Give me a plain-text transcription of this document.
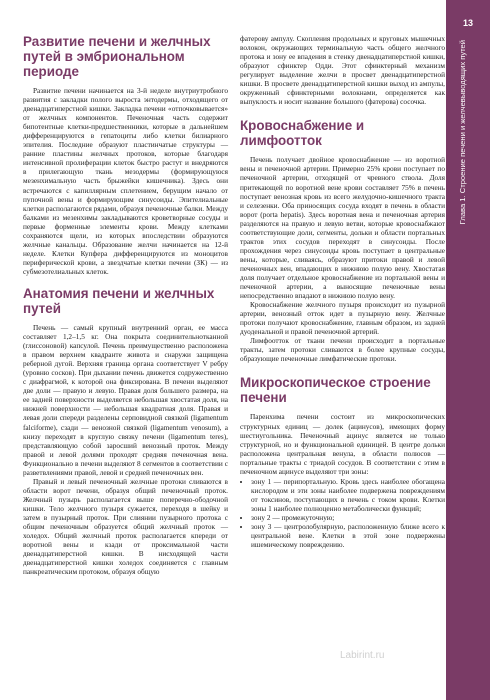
Развитие печени и желчных путей в эмбриональном периоде

Развитие печени начинается на 3-й неделе внутриутробного развития с закладки полого выроста энтодермы, отходящего от двенадцатиперстной кишки. Закладка печени «отпочковывается» от желчных компонентов. Печеночная часть содержит бипотентные клетки-предшественники, которые в дальнейшем дифференцируются в гепатоциты либо клетки билиарного эпителия. Последние образуют пластинчатые структуры — ранние пластины желчных протоков, которые благодаря интенсивной пролиферации клеток быстро растут и внедряются в прилегающую ткань мезодермы (формирующуюся мезенхимальную часть брыжейки кишечника). Здесь они встречаются с капиллярным сплетением, берущим начало от пупочной вены и формирующим синусоиды. Эпителиальные клетки располагаются рядами, образуя печеночные балки. Между балками из мезенхимы закладываются кроветворные сосуды и первые форменные элементы крови. Между клетками сохраняются щели, из которых впоследствии образуются желчные канальцы. Образование желчи начинается на 12-й неделе. Клетки Купфера дифференцируются из моноцитов периферической крови, а звездчатые клетки печени (ЗК) — из субмезотелиальных клеток.

Анатомия печени и желчных путей

Печень — самый крупный внутренний орган, ее масса составляет 1,2–1,5 кг. Она покрыта соединительнотканной (глиссоновой) капсулой. Печень преимущественно расположена в правом верхнем квадранте живота и снаружи защищена реберной дугой. Верхняя граница органа соответствует V ребру (уровню сосков). При дыхании печень движется содружественно с диафрагмой, к которой она фиксирована. В печени выделяют две доли — правую и левую. Правая доля большего размера, на ее задней поверхности выделяется небольшая хвостатая доля, на нижней поверхности — небольшая квадратная доля. Правая и левая доли спереди разделены серповидной связкой (ligamentum falciforme), сзади — венозной связкой (ligamentum venosum), а книзу переходят в круглую связку печени (ligamentum teres), представляющую собой заросший венозный проток. Между правой и левой долями проходят средняя печеночная вена. Функционально в печени выделяют 8 сегментов в соответствии с разветвлениями правой, левой и средней печеночных вен.

Правый и левый печеночный желчные протоки сливаются в области ворот печени, образуя общий печеночный проток. Желчный пузырь располагается выше поперечно-ободочной кишки. Тело желчного пузыря сужается, переходя в шейку и затем в пузырный проток. При слиянии пузырного протока с общим печеночным образуется общий желчный проток — холедох. Общий желчный проток располагается кпереди от воротной вены и кзади от проксимальной части двенадцатиперстной кишки. В нисходящей части двенадцатиперстной кишки холедох соединяется с главным панкреатическим протоком, образуя общую

фатерову ампулу. Скопления продольных и круговых мышечных волокон, окружающих терминальную часть общего желчного протока и зону ее впадения в стенку двенадцатиперстной кишки, образуют сфинктер Одди. Этот сфинктерный механизм регулирует выделение желчи в просвет двенадцатиперстной кишки. В просвете двенадцатиперстной кишки выход из ампулы, окруженный сфинктерными волокнами, определяется как выпуклость и носит название большого (фатерова) сосочка.

Кровоснабжение и лимфоотток

Печень получает двойное кровоснабжение — из воротной вены и печеночной артерии. Примерно 25% крови поступает по печеночной артерии, отходящей от чревного ствола. Доля притекающей по воротной вене крови составляет 75% в печень поступает венозная кровь из всего желудочно-кишечного тракта и селезенки. Оба приносящих сосуда входят в печень в области ворот (porta hepatis). Здесь воротная вена и печеночная артерия разделяются на правую и левую ветви, которые кровоснабжают соответствующие доли, сегменты, дольки и области портальных трактов этих сосудов переходят в синусоиды. После прохождения через синусоиды кровь поступает в центральные вены, которые, сливаясь, образуют притоки правой и левой печеночных вен, впадающих в нижнюю полую вену. Хвостатая доля получает отдельное кровоснабжение из портальной вены и печеночной артерии, а выносящие печеночные вены непосредственно впадают в нижнюю полую вену.

Кровоснабжение желчного пузыря происходит из пузырной артерии, венозный отток идет в пузырную вену. Желчные протоки получают кровоснабжение, главным образом, из задней дуоденальной и правой печеночной артерий.

Лимфоотток от ткани печени происходит в портальные тракты, затем протоки сливаются в более крупные сосуды, образующие печеночные лимфатические протоки.

Микроскопическое строение печени

Паренхима печени состоит из микроскопических структурных единиц — долек (ацинусов), имеющих форму шестиугольника. Печеночный ацинус является не только структурной, но и функциональной единицей. В центре дольки расположена центральная венула, в области полюсов — портальные тракты с триадой сосудов. В соответствии с этим в печеночном ацинусе выделяют три зоны:

• зону 1 — перипортальную. Кровь здесь наиболее обогащена кислородом и эти зоны наиболее подвержена повреждениям от токсинов, поступающих в печень с током крови. Клетки зоны 1 наиболее полноценно метаболически функций;
• зону 2 — промежуточную;
• зону 3 — центролобулярную, расположенную ближе всего к центральной вене. Клетки в этой зоне подвержены ишемическому повреждению.
13
Глава 1. Строение печени и желчевыводящих путей
Labirint.ru
